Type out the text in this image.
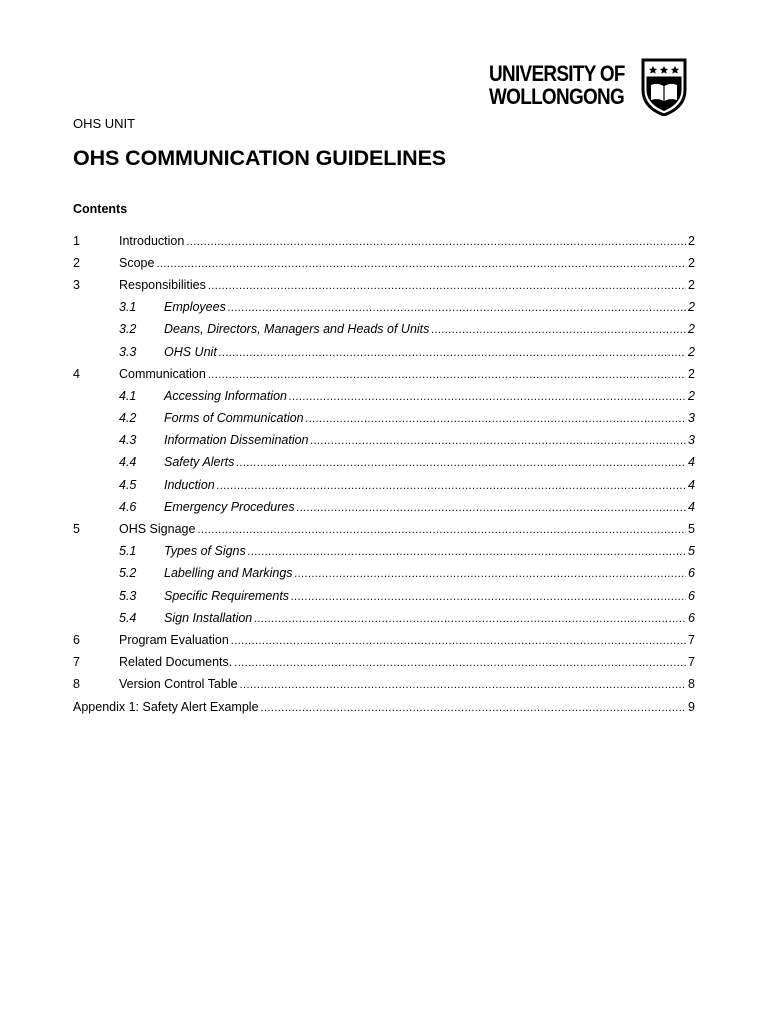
UNIVERSITY OF
WOLLONGONG
OHS UNIT
OHS COMMUNICATION GUIDELINES
Contents
1	Introduction .....	2
2	Scope .....	2
3	Responsibilities .....	2
3.1	Employees .....	2
3.2	Deans, Directors, Managers and Heads of Units .....	2
3.3	OHS Unit .....	2
4	Communication .....	2
4.1	Accessing Information .....	2
4.2	Forms of Communication .....	3
4.3	Information Dissemination .....	3
4.4	Safety Alerts .....	4
4.5	Induction .....	4
4.6	Emergency Procedures .....	4
5	OHS Signage .....	5
5.1	Types of Signs .....	5
5.2	Labelling and Markings .....	6
5.3	Specific Requirements .....	6
5.4	Sign Installation .....	6
6	Program Evaluation .....	7
7	Related Documents. .....	7
8	Version Control Table .....	8
Appendix 1: Safety Alert Example .....	9
